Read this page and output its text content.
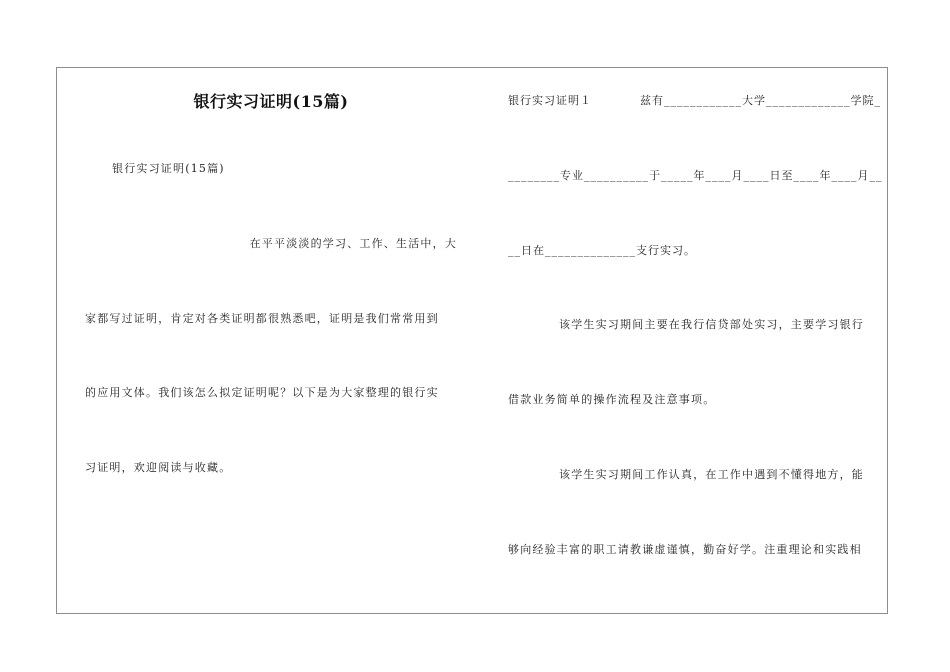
银行实习证明(15篇)
银行实习证明(15篇)
在平平淡淡的学习、工作、生活中，大
家都写过证明，肯定对各类证明都很熟悉吧，证明是我们常常用到
的应用文体。我们该怎么拟定证明呢？以下是为大家整理的银行实
习证明，欢迎阅读与收藏。
银行实习证明１　　　　兹有____________大学_____________学院_
________专业__________于_____年____月____日至____年____月__
__日在______________支行实习。
该学生实习期间主要在我行信贷部处实习，主要学习银行
借款业务简单的操作流程及注意事项。
该学生实习期间工作认真，在工作中遇到不懂得地方，能
够向经验丰富的职工请教谦虚谨慎，勤奋好学。注重理论和实践相
